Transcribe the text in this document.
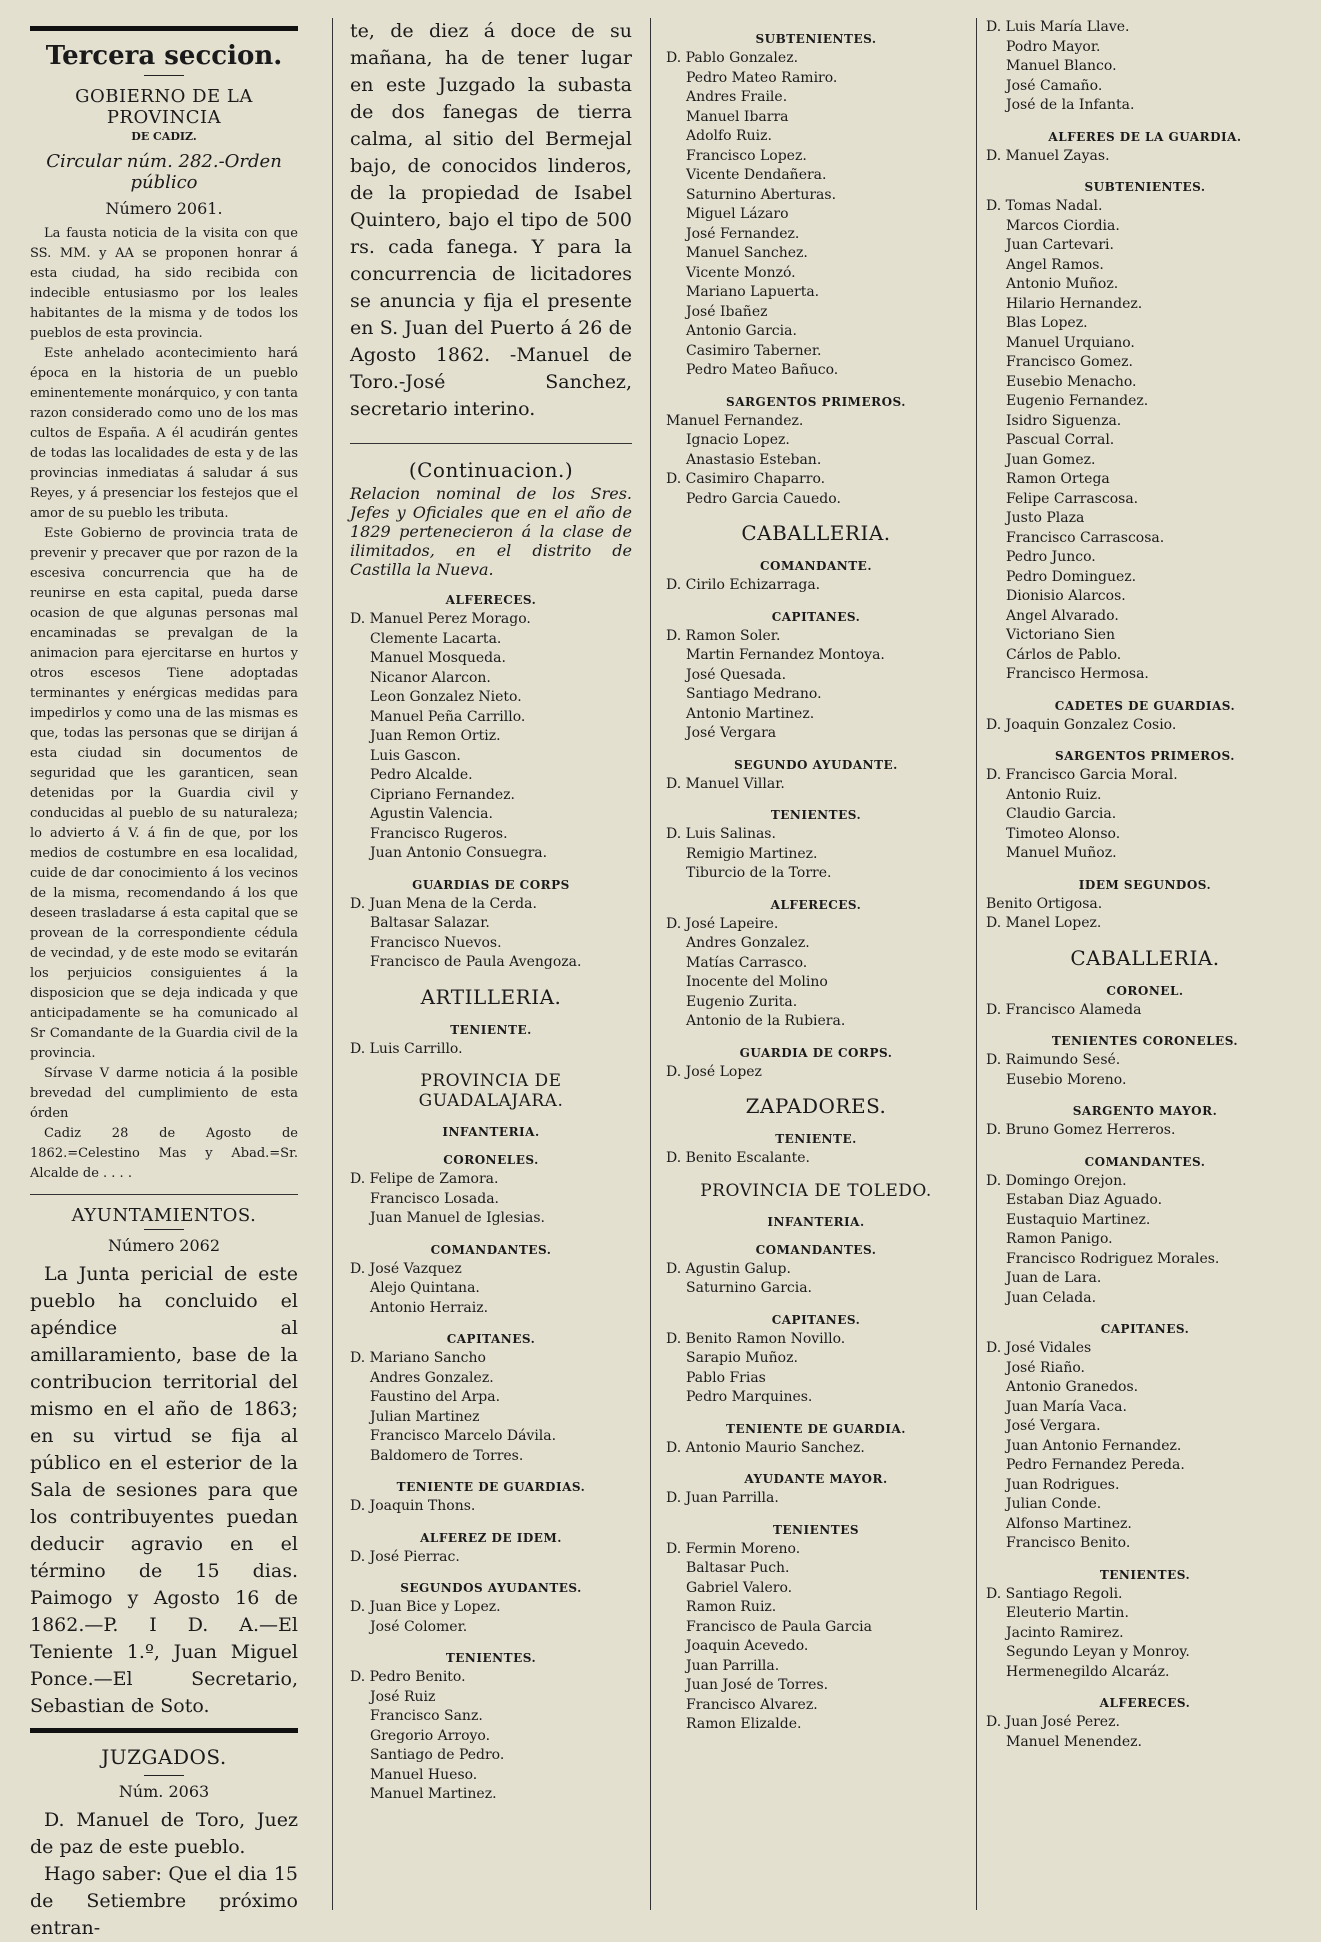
Tercera seccion.

GOBIERNO DE LA PROVINCIA

DE CADIZ.

Circular núm. 282.-Orden público

Número 2061.

La fausta noticia de la visita con que SS. MM. y AA se proponen honrar á esta ciudad, ha sido recibida con indecible entusiasmo por los leales habitantes de la misma y de todos los pueblos de esta provincia.

Este anhelado acontecimiento hará época en la historia de un pueblo eminentemente monárquico, y con tanta razon considerado como uno de los mas cultos de España. A él acudirán gentes de todas las localidades de esta y de las provincias inmediatas á saludar á sus Reyes, y á presenciar los festejos que el amor de su pueblo les tributa.

Este Gobierno de provincia trata de prevenir y precaver que por razon de la escesiva concurrencia que ha de reunirse en esta capital, pueda darse ocasion de que algunas personas mal encaminadas se prevalgan de la animacion para ejercitarse en hurtos y otros escesos Tiene adoptadas terminantes y enérgicas medidas para impedirlos y como una de las mismas es que, todas las personas que se dirijan á esta ciudad sin documentos de seguridad que les garanticen, sean detenidas por la Guardia civil y conducidas al pueblo de su naturaleza; lo advierto á V. á fin de que, por los medios de costumbre en esa localidad, cuide de dar conocimiento á los vecinos de la misma, recomendando á los que deseen trasladarse á esta capital que se provean de la correspondiente cédula de vecindad, y de este modo se evitarán los perjuicios consiguientes á la disposicion que se deja indicada y que anticipadamente se ha comunicado al Sr Comandante de la Guardia civil de la provincia.

Sírvase V darme noticia á la posible brevedad del cumplimiento de esta órden

Cadiz 28 de Agosto de 1862.=Celestino Mas y Abad.=Sr. Alcalde de . . . .

AYUNTAMIENTOS.

Número 2062

La Junta pericial de este pueblo ha concluido el apéndice al amillaramiento, base de la contribucion territorial del mismo en el año de 1863; en su virtud se fija al público en el esterior de la Sala de sesiones para que los contribuyentes puedan deducir agravio en el término de 15 dias. Paimogo y Agosto 16 de 1862.—P. I D. A.—El Teniente 1.º, Juan Miguel Ponce.—El Secretario, Sebastian de Soto.

JUZGADOS.

Núm. 2063

D. Manuel de Toro, Juez de paz de este pueblo.

Hago saber: Que el dia 15 de Setiembre próximo entran-

te, de diez á doce de su mañana, ha de tener lugar en este Juzgado la subasta de dos fanegas de tierra calma, al sitio del Bermejal bajo, de conocidos linderos, de la propiedad de Isabel Quintero, bajo el tipo de 500 rs. cada fanega. Y para la concurrencia de licitadores se anuncia y fija el presente en S. Juan del Puerto á 26 de Agosto 1862. -Manuel de Toro.-José Sanchez, secretario interino.

(Continuacion.)

Relacion nominal de los Sres. Jefes y Oficiales que en el año de 1829 pertenecieron á la clase de ilimitados, en el distrito de Castilla la Nueva.

ALFERECES.

D. Manuel Perez Morago.

Clemente Lacarta.

Manuel Mosqueda.

Nicanor Alarcon.

Leon Gonzalez Nieto.

Manuel Peña Carrillo.

Juan Remon Ortiz.

Luis Gascon.

Pedro Alcalde.

Cipriano Fernandez.

Agustin Valencia.

Francisco Rugeros.

Juan Antonio Consuegra.

GUARDIAS DE CORPS

D. Juan Mena de la Cerda.

Baltasar Salazar.

Francisco Nuevos.

Francisco de Paula Avengoza.

ARTILLERIA.

TENIENTE.

D. Luis Carrillo.

PROVINCIA DE GUADALAJARA.

INFANTERIA.

CORONELES.

D. Felipe de Zamora.

Francisco Losada.

Juan Manuel de Iglesias.

COMANDANTES.

D. José Vazquez

Alejo Quintana.

Antonio Herraiz.

CAPITANES.

D. Mariano Sancho

Andres Gonzalez.

Faustino del Arpa.

Julian Martinez

Francisco Marcelo Dávila.

Baldomero de Torres.

TENIENTE DE GUARDIAS.

D. Joaquin Thons.

ALFEREZ DE IDEM.

D. José Pierrac.

SEGUNDOS AYUDANTES.

D. Juan Bice y Lopez.

José Colomer.

TENIENTES.

D. Pedro Benito.

José Ruiz

Francisco Sanz.

Gregorio Arroyo.

Santiago de Pedro.

Manuel Hueso.

Manuel Martinez.

SUBTENIENTES.

D. Pablo Gonzalez.

Pedro Mateo Ramiro.

Andres Fraile.

Manuel Ibarra

Adolfo Ruiz.

Francisco Lopez.

Vicente Dendañera.

Saturnino Aberturas.

Miguel Lázaro

José Fernandez.

Manuel Sanchez.

Vicente Monzó.

Mariano Lapuerta.

José Ibañez

Antonio Garcia.

Casimiro Taberner.

Pedro Mateo Bañuco.

SARGENTOS PRIMEROS.

Manuel Fernandez.

Ignacio Lopez.

Anastasio Esteban.

D. Casimiro Chaparro.

Pedro Garcia Cauedo.

CABALLERIA.

COMANDANTE.

D. Cirilo Echizarraga.

CAPITANES.

D. Ramon Soler.

Martin Fernandez Montoya.

José Quesada.

Santiago Medrano.

Antonio Martinez.

José Vergara

SEGUNDO AYUDANTE.

D. Manuel Villar.

TENIENTES.

D. Luis Salinas.

Remigio Martinez.

Tiburcio de la Torre.

ALFERECES.

D. José Lapeire.

Andres Gonzalez.

Matías Carrasco.

Inocente del Molino

Eugenio Zurita.

Antonio de la Rubiera.

GUARDIA DE CORPS.

D. José Lopez

ZAPADORES.

TENIENTE.

D. Benito Escalante.

PROVINCIA DE TOLEDO.

INFANTERIA.

COMANDANTES.

D. Agustin Galup.

Saturnino Garcia.

CAPITANES.

D. Benito Ramon Novillo.

Sarapio Muñoz.

Pablo Frias

Pedro Marquines.

TENIENTE DE GUARDIA.

D. Antonio Maurio Sanchez.

AYUDANTE MAYOR.

D. Juan Parrilla.

TENIENTES

D. Fermin Moreno.

Baltasar Puch.

Gabriel Valero.

Ramon Ruiz.

Francisco de Paula Garcia

Joaquin Acevedo.

Juan Parrilla.

Juan José de Torres.

Francisco Alvarez.

Ramon Elizalde.

D. Luis María Llave.

Podro Mayor.

Manuel Blanco.

José Camaño.

José de la Infanta.

ALFERES DE LA GUARDIA.

D. Manuel Zayas.

SUBTENIENTES.

D. Tomas Nadal.

Marcos Ciordia.

Juan Cartevari.

Angel Ramos.

Antonio Muñoz.

Hilario Hernandez.

Blas Lopez.

Manuel Urquiano.

Francisco Gomez.

Eusebio Menacho.

Eugenio Fernandez.

Isidro Siguenza.

Pascual Corral.

Juan Gomez.

Ramon Ortega

Felipe Carrascosa.

Justo Plaza

Francisco Carrascosa.

Pedro Junco.

Pedro Dominguez.

Dionisio Alarcos.

Angel Alvarado.

Victoriano Sien

Cárlos de Pablo.

Francisco Hermosa.

CADETES DE GUARDIAS.

D. Joaquin Gonzalez Cosio.

SARGENTOS PRIMEROS.

D. Francisco Garcia Moral.

Antonio Ruiz.

Claudio Garcia.

Timoteo Alonso.

Manuel Muñoz.

IDEM SEGUNDOS.

Benito Ortigosa.

D. Manel Lopez.

CABALLERIA.

CORONEL.

D. Francisco Alameda

TENIENTES CORONELES.

D. Raimundo Sesé.

Eusebio Moreno.

SARGENTO MAYOR.

D. Bruno Gomez Herreros.

COMANDANTES.

D. Domingo Orejon.

Estaban Diaz Aguado.

Eustaquio Martinez.

Ramon Panigo.

Francisco Rodriguez Morales.

Juan de Lara.

Juan Celada.

CAPITANES.

D. José Vidales

José Riaño.

Antonio Granedos.

Juan María Vaca.

José Vergara.

Juan Antonio Fernandez.

Pedro Fernandez Pereda.

Juan Rodrigues.

Julian Conde.

Alfonso Martinez.

Francisco Benito.

TENIENTES.

D. Santiago Regoli.

Eleuterio Martin.

Jacinto Ramirez.

Segundo Leyan y Monroy.

Hermenegildo Alcaráz.

ALFERECES.

D. Juan José Perez.

Manuel Menendez.
